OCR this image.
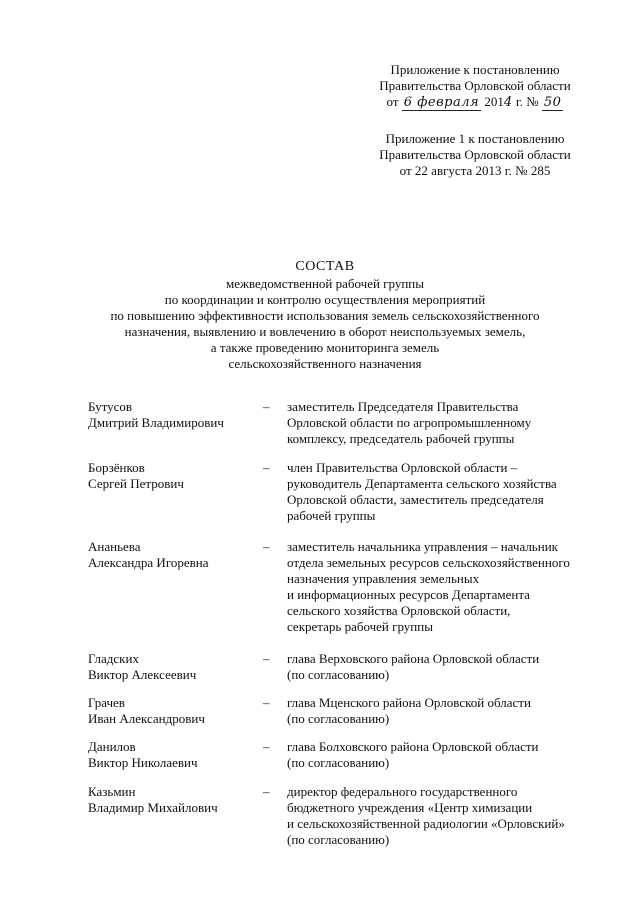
Приложение к постановлению
Правительства Орловской области
от 6 февраля 2014 г. № 50
Приложение 1 к постановлению
Правительства Орловской области
от 22 августа 2013 г. № 285
СОСТАВ
межведомственной рабочей группы
по координации и контролю осуществления мероприятий
по повышению эффективности использования земель сельскохозяйственного
назначения, выявлению и вовлечению в оборот неиспользуемых земель,
а также проведению мониторинга земель
сельскохозяйственного назначения
Бутусов
Дмитрий Владимирович
–	заместитель Председателя Правительства
Орловской области по агропромышленному
комплексу, председатель рабочей группы
Борзёнков
Сергей Петрович
–	член Правительства Орловской области –
руководитель Департамента сельского хозяйства
Орловской области, заместитель председателя
рабочей группы
Ананьева
Александра Игоревна
–	заместитель начальника управления – начальник
отдела земельных ресурсов сельскохозяйственного
назначения управления земельных
и информационных ресурсов Департамента
сельского хозяйства Орловской области,
секретарь рабочей группы
Гладских
Виктор Алексеевич
–	глава Верховского района Орловской области
(по согласованию)
Грачев
Иван Александрович
–	глава Мценского района Орловской области
(по согласованию)
Данилов
Виктор Николаевич
–	глава Болховского района Орловской области
(по согласованию)
Казьмин
Владимир Михайлович
–	директор федерального государственного
бюджетного учреждения «Центр химизации
и сельскохозяйственной радиологии «Орловский»
(по согласованию)
